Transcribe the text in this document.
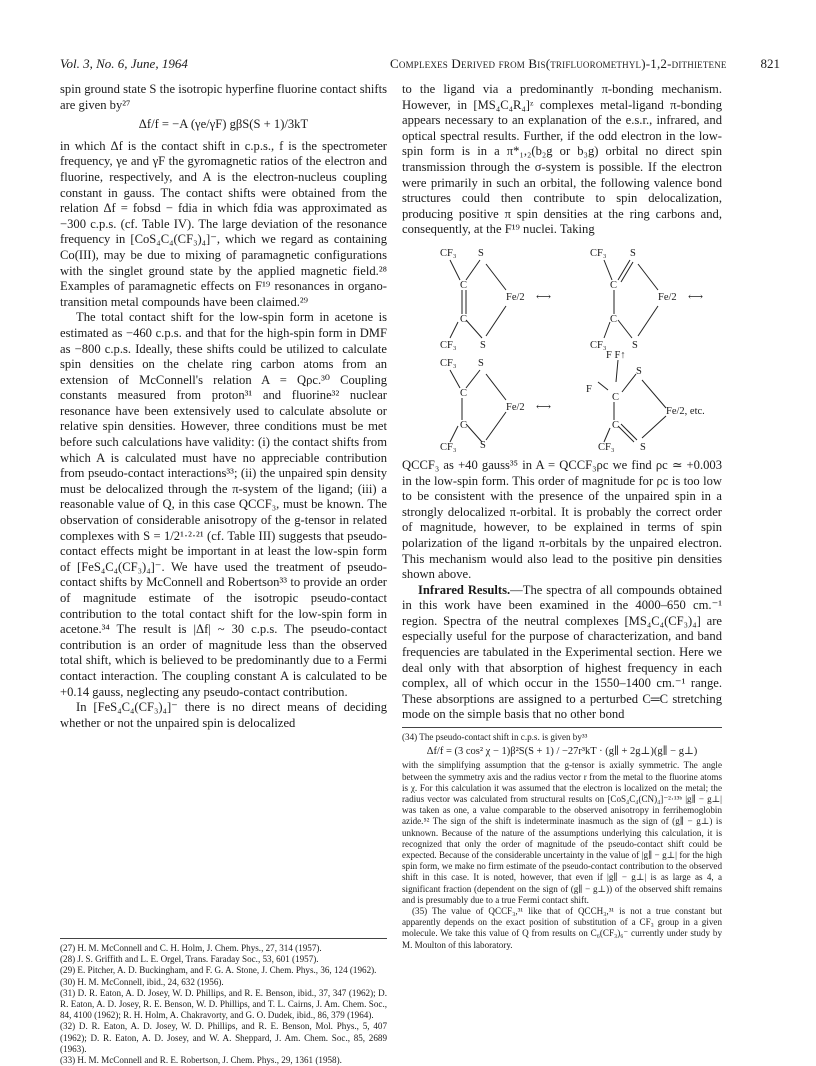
Vol. 3, No. 6, June, 1964	Complexes Derived from Bis(trifluoromethyl)-1,2-dithietene	821

spin ground state S the isotropic hyperfine fluorine contact shifts are given by²⁷

Δf/f = −A (γe/γF) gβS(S + 1)/3kT

in which Δf is the contact shift in c.p.s., f is the spectrometer frequency, γe and γF the gyromagnetic ratios of the electron and fluorine, respectively, and A is the electron-nucleus coupling constant in gauss. The contact shifts were obtained from the relation Δf = fobsd − fdia in which fdia was approximated as −300 c.p.s. (cf. Table IV). The large deviation of the resonance frequency in [CoS₄C₄(CF₃)₄]⁻, which we regard as containing Co(III), may be due to mixing of paramagnetic configurations with the singlet ground state by the applied magnetic field.²⁸ Examples of paramagnetic effects on F¹⁹ resonances in organo-transition metal compounds have been claimed.²⁹

The total contact shift for the low-spin form in acetone is estimated as −460 c.p.s. and that for the high-spin form in DMF as −800 c.p.s. Ideally, these shifts could be utilized to calculate spin densities on the chelate ring carbon atoms from an extension of McConnell's relation A = Qρc.³⁰ Coupling constants measured from proton³¹ and fluorine³² nuclear resonance have been extensively used to calculate absolute or relative spin densities. However, three conditions must be met before such calculations have validity: (i) the contact shifts from which A is calculated must have no appreciable contribution from pseudo-contact interactions³³; (ii) the unpaired spin density must be delocalized through the π-system of the ligand; (iii) a reasonable value of Q, in this case QCCF₃, must be known. The observation of considerable anisotropy of the g-tensor in related complexes with S = 1/2¹·²·²¹ (cf. Table III) suggests that pseudo-contact effects might be important in at least the low-spin form of [FeS₄C₄(CF₃)₄]⁻. We have used the treatment of pseudo-contact shifts by McConnell and Robertson³³ to provide an order of magnitude estimate of the isotropic pseudo-contact contribution to the total contact shift for the low-spin form in acetone.³⁴ The result is |Δf| ~ 30 c.p.s. The pseudo-contact contribution is an order of magnitude less than the observed total shift, which is believed to be predominantly due to a Fermi contact interaction. The coupling constant A is calculated to be +0.14 gauss, neglecting any pseudo-contact contribution.

In [FeS₄C₄(CF₃)₄]⁻ there is no direct means of deciding whether or not the unpaired spin is delocalized

(27) H. M. McConnell and C. H. Holm, J. Chem. Phys., 27, 314 (1957).
(28) J. S. Griffith and L. E. Orgel, Trans. Faraday Soc., 53, 601 (1957).
(29) E. Pitcher, A. D. Buckingham, and F. G. A. Stone, J. Chem. Phys., 36, 124 (1962).
(30) H. M. McConnell, ibid., 24, 632 (1956).
(31) D. R. Eaton, A. D. Josey, W. D. Phillips, and R. E. Benson, ibid., 37, 347 (1962); D. R. Eaton, A. D. Josey, R. E. Benson, W. D. Phillips, and T. L. Cairns, J. Am. Chem. Soc., 84, 4100 (1962); R. H. Holm, A. Chakravorty, and G. O. Dudek, ibid., 86, 379 (1964).
(32) D. R. Eaton, A. D. Josey, W. D. Phillips, and R. E. Benson, Mol. Phys., 5, 407 (1962); D. R. Eaton, A. D. Josey, and W. A. Sheppard, J. Am. Chem. Soc., 85, 2689 (1963).
(33) H. M. McConnell and R. E. Robertson, J. Chem. Phys., 29, 1361 (1958).

to the ligand via a predominantly π-bonding mechanism. However, in [MS₄C₄R₄]ᶻ complexes metal-ligand π-bonding appears necessary to an explanation of the e.s.r., infrared, and optical spectral results. Further, if the odd electron in the low-spin form is in a π*₁,₂(b₂g or b₃g) orbital no direct spin transmission through the σ-system is possible. If the electron were primarily in such an orbital, the following valence bond structures could then contribute to spin delocalization, producing positive π spin densities at the ring carbons and, consequently, at the F¹⁹ nuclei. Taking

CF₃ S
C
C
Fe/2 ⟷
CF₃ S
CF₃ S
C
C
Fe/2 ⟷
CF₃ S
CF₃ S
C
C
Fe/2 ⟷
CF₃ S
F F↑
F
S
C
C
Fe/2, etc.
CF₃ S

QCCF₃ as +40 gauss³⁵ in A = QCCF₃ρc we find ρc ≃ +0.003 in the low-spin form. This order of magnitude for ρc is too low to be consistent with the presence of the unpaired spin in a strongly delocalized π-orbital. It is probably the correct order of magnitude, however, to be explained in terms of spin polarization of the ligand π-orbitals by the unpaired electron. This mechanism would also lead to the positive pin densities shown above.

Infrared Results.—The spectra of all compounds obtained in this work have been examined in the 4000–650 cm.⁻¹ region. Spectra of the neutral complexes [MS₄C₄(CF₃)₄] are especially useful for the purpose of characterization, and band frequencies are tabulated in the Experimental section. Here we deal only with that absorption of highest frequency in each complex, all of which occur in the 1550–1400 cm.⁻¹ range. These absorptions are assigned to a perturbed C═C stretching mode on the simple basis that no other bond

(34) The pseudo-contact shift in c.p.s. is given by³³
Δf/f = (3 cos² χ − 1)β²S(S + 1) / −27r³kT · (g∥ + 2g⊥)(g∥ − g⊥)
with the simplifying assumption that the g-tensor is axially symmetric. The angle between the symmetry axis and the radius vector r from the metal to the fluorine atoms is χ. For this calculation it was assumed that the electron is localized on the metal; the radius vector was calculated from structural results on [CoS₄C₄(CN)₄]⁻²·¹³ᵇ |g∥ − g⊥| was taken as one, a value comparable to the observed anisotropy in ferrihemoglobin azide.⁵² The sign of the shift is indeterminate inasmuch as the sign of (g∥ − g⊥) is unknown. Because of the nature of the assumptions underlying this calculation, it is recognized that only the order of magnitude of the pseudo-contact shift could be expected. Because of the considerable uncertainty in the value of |g∥ − g⊥| for the high spin form, we make no firm estimate of the pseudo-contact contribution to the observed shift in this case. It is noted, however, that even if |g∥ − g⊥| is as large as 4, a significant fraction (dependent on the sign of (g∥ − g⊥)) of the observed shift remains and is presumably due to a true Fermi contact shift.
(35) The value of QCCF₃,³¹ like that of QCCH₃,³¹ is not a true constant but apparently depends on the exact position of substitution of a CF₃ group in a given molecule. We take this value of Q from results on C₆(CF₃)₆⁻ currently under study by M. Moulton of this laboratory.
